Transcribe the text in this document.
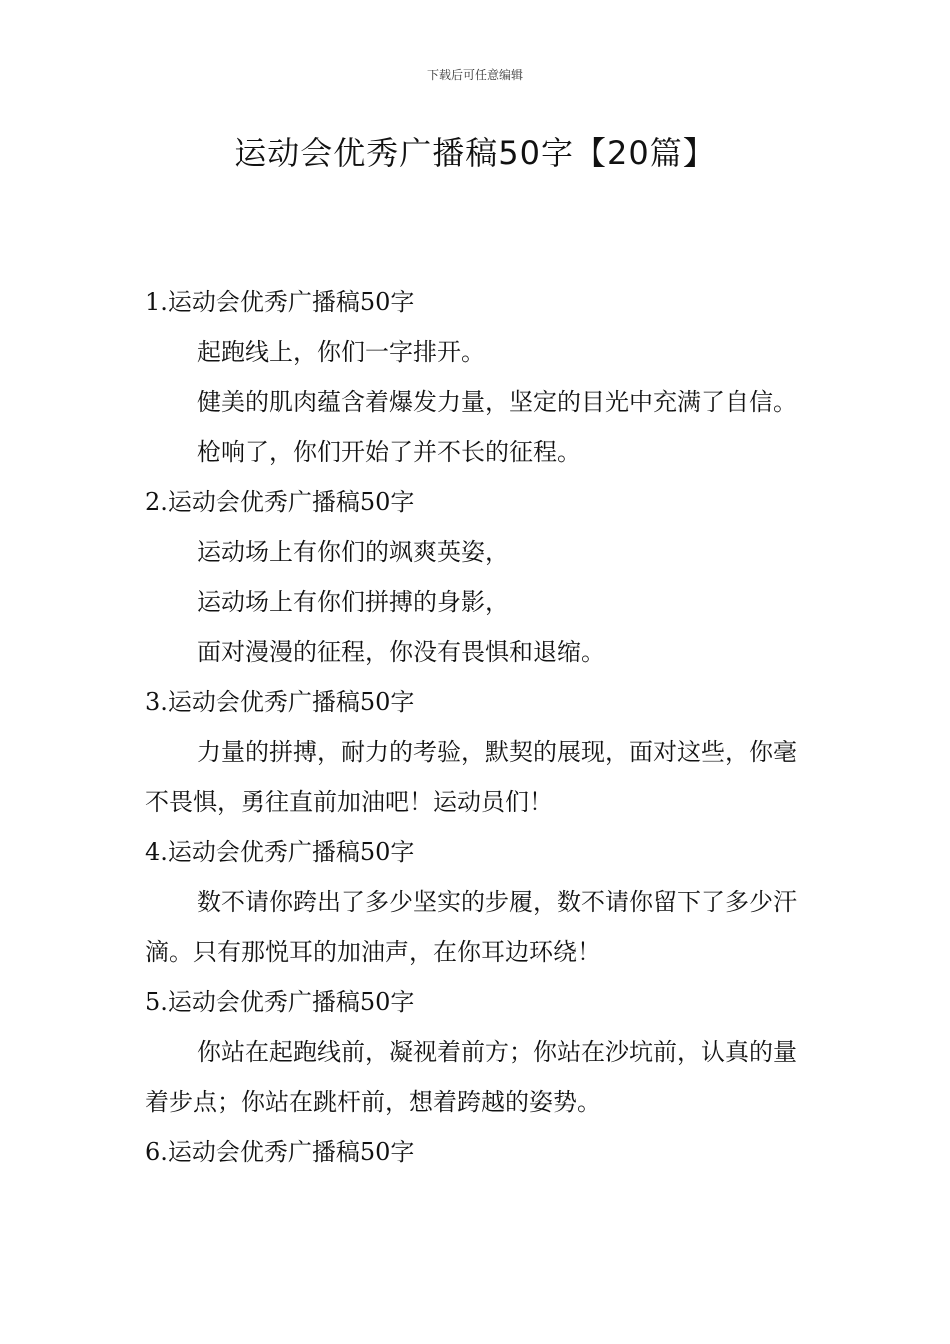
下载后可任意编辑
运动会优秀广播稿50字【20篇】
1.运动会优秀广播稿50字
起跑线上，你们一字排开。
健美的肌肉蕴含着爆发力量，坚定的目光中充满了自信。
枪响了，你们开始了并不长的征程。
2.运动会优秀广播稿50字
运动场上有你们的飒爽英姿，
运动场上有你们拼搏的身影，
面对漫漫的征程，你没有畏惧和退缩。
3.运动会优秀广播稿50字
力量的拼搏，耐力的考验，默契的展现，面对这些，你毫不畏惧，勇往直前加油吧！运动员们！
4.运动会优秀广播稿50字
数不请你跨出了多少坚实的步履，数不请你留下了多少汗滴。只有那悦耳的加油声，在你耳边环绕！
5.运动会优秀广播稿50字
你站在起跑线前，凝视着前方；你站在沙坑前，认真的量着步点；你站在跳杆前，想着跨越的姿势。
6.运动会优秀广播稿50字
